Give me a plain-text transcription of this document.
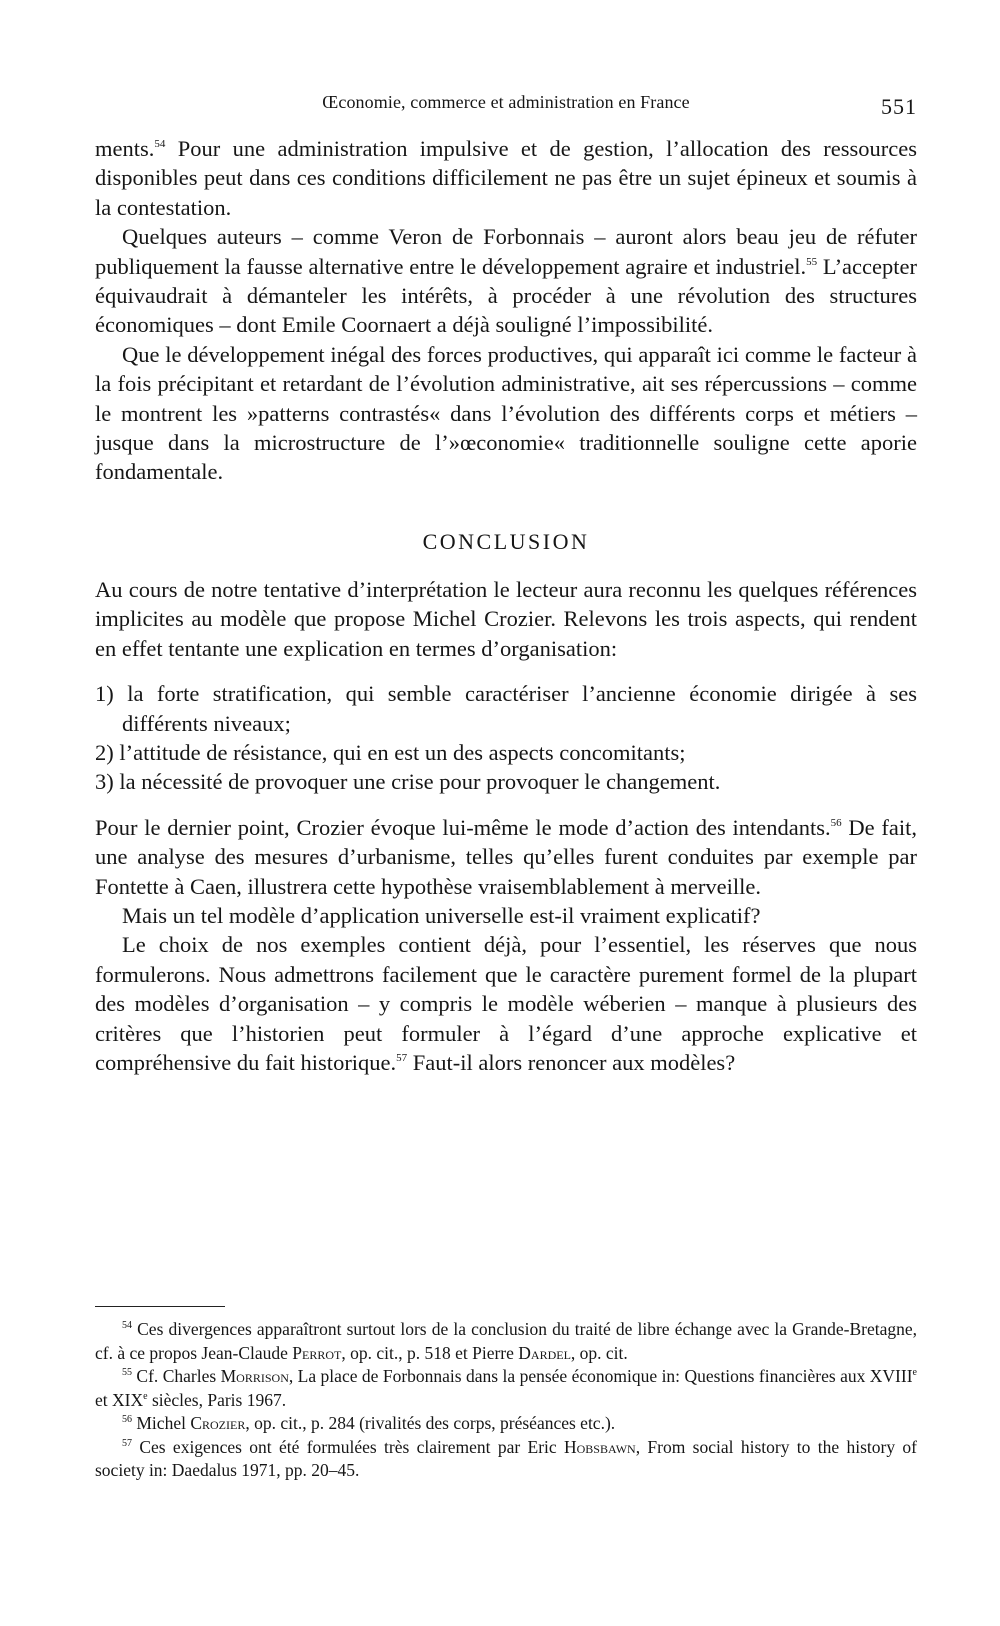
Œconomie, commerce et administration en France	551

ments.$^{54}$ Pour une administration impulsive et de gestion, l’allocation des ressources disponibles peut dans ces conditions difficilement ne pas être un sujet épineux et soumis à la contestation.

Quelques auteurs – comme Veron de Forbonnais – auront alors beau jeu de réfuter publiquement la fausse alternative entre le développement agraire et industriel.$^{55}$ L’accepter équivaudrait à démanteler les intérêts, à procéder à une révolution des structures économiques – dont Emile Coornaert a déjà souligné l’impossibilité.

Que le développement inégal des forces productives, qui apparaît ici comme le facteur à la fois précipitant et retardant de l’évolution administrative, ait ses répercussions – comme le montrent les »patterns contrastés« dans l’évolution des différents corps et métiers – jusque dans la microstructure de l’»œconomie« traditionnelle souligne cette aporie fondamentale.

CONCLUSION

Au cours de notre tentative d’interprétation le lecteur aura reconnu les quelques références implicites au modèle que propose Michel Crozier. Relevons les trois aspects, qui rendent en effet tentante une explication en termes d’organisation:

1) la forte stratification, qui semble caractériser l’ancienne économie dirigée à ses différents niveaux;
2) l’attitude de résistance, qui en est un des aspects concomitants;
3) la nécessité de provoquer une crise pour provoquer le changement.

Pour le dernier point, Crozier évoque lui-même le mode d’action des intendants.$^{56}$ De fait, une analyse des mesures d’urbanisme, telles qu’elles furent conduites par exemple par Fontette à Caen, illustrera cette hypothèse vraisemblablement à merveille.

Mais un tel modèle d’application universelle est-il vraiment explicatif?

Le choix de nos exemples contient déjà, pour l’essentiel, les réserves que nous formulerons. Nous admettrons facilement que le caractère purement formel de la plupart des modèles d’organisation – y compris le modèle wéberien – manque à plusieurs des critères que l’historien peut formuler à l’égard d’une approche explicative et compréhensive du fait historique.$^{57}$ Faut-il alors renoncer aux modèles?

$^{54}$ Ces divergences apparaîtront surtout lors de la conclusion du traité de libre échange avec la Grande-Bretagne, cf. à ce propos Jean-Claude Perrot, op. cit., p. 518 et Pierre Dardel, op. cit.

$^{55}$ Cf. Charles Morrison, La place de Forbonnais dans la pensée économique in: Questions financières aux XVIIIe et XIXe siècles, Paris 1967.

$^{56}$ Michel Crozier, op. cit., p. 284 (rivalités des corps, préséances etc.).

$^{57}$ Ces exigences ont été formulées très clairement par Eric Hobsbawn, From social history to the history of society in: Daedalus 1971, pp. 20–45.
